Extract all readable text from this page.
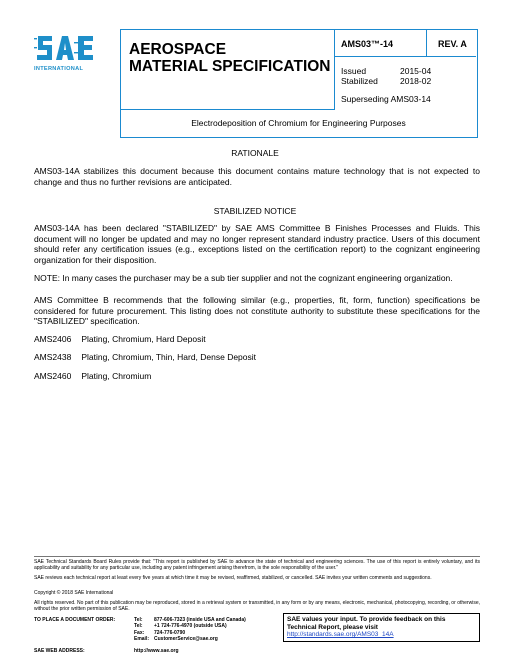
INTERNATIONAL
AEROSPACE
MATERIAL SPECIFICATION
AMS03™-14	REV. A
Issued	2015-04
Stabilized	2018-02
Superseding AMS03-14
Electrodeposition of Chromium for Engineering Purposes
RATIONALE
AMS03-14A stabilizes this document because this document contains mature technology that is not expected to change and thus no further revisions are anticipated.
STABILIZED NOTICE
AMS03-14A has been declared "STABILIZED" by SAE AMS Committee B Finishes Processes and Fluids. This document will no longer be updated and may no longer represent standard industry practice. Users of this document should refer any certification issues (e.g., exceptions listed on the certification report) to the cognizant engineering organization for their disposition.
NOTE: In many cases the purchaser may be a sub tier supplier and not the cognizant engineering organization.
AMS Committee B recommends that the following similar (e.g., properties, fit, form, function) specifications be considered for future procurement. This listing does not constitute authority to substitute these specifications for the "STABILIZED" specification.
AMS2406 Plating, Chromium, Hard Deposit
AMS2438 Plating, Chromium, Thin, Hard, Dense Deposit
AMS2460 Plating, Chromium
SAE Technical Standards Board Rules provide that: "This report is published by SAE to advance the state of technical and engineering sciences. The use of this report is entirely voluntary, and its applicability and suitability for any particular use, including any patent infringement arising therefrom, is the sole responsibility of the user."
SAE reviews each technical report at least every five years at which time it may be revised, reaffirmed, stabilized, or cancelled. SAE invites your written comments and suggestions.
Copyright © 2018 SAE International
All rights reserved. No part of this publication may be reproduced, stored in a retrieval system or transmitted, in any form or by any means, electronic, mechanical, photocopying, recording, or otherwise, without the prior written permission of SAE.
TO PLACE A DOCUMENT ORDER:	Tel:	877-606-7323 (inside USA and Canada)
Tel:	+1 724-776-4970 (outside USA)
Fax:	724-776-0790
Email: CustomerService@sae.org
SAE WEB ADDRESS:	http://www.sae.org
SAE values your input. To provide feedback on this Technical Report, please visit
http://standards.sae.org/AMS03_14A
